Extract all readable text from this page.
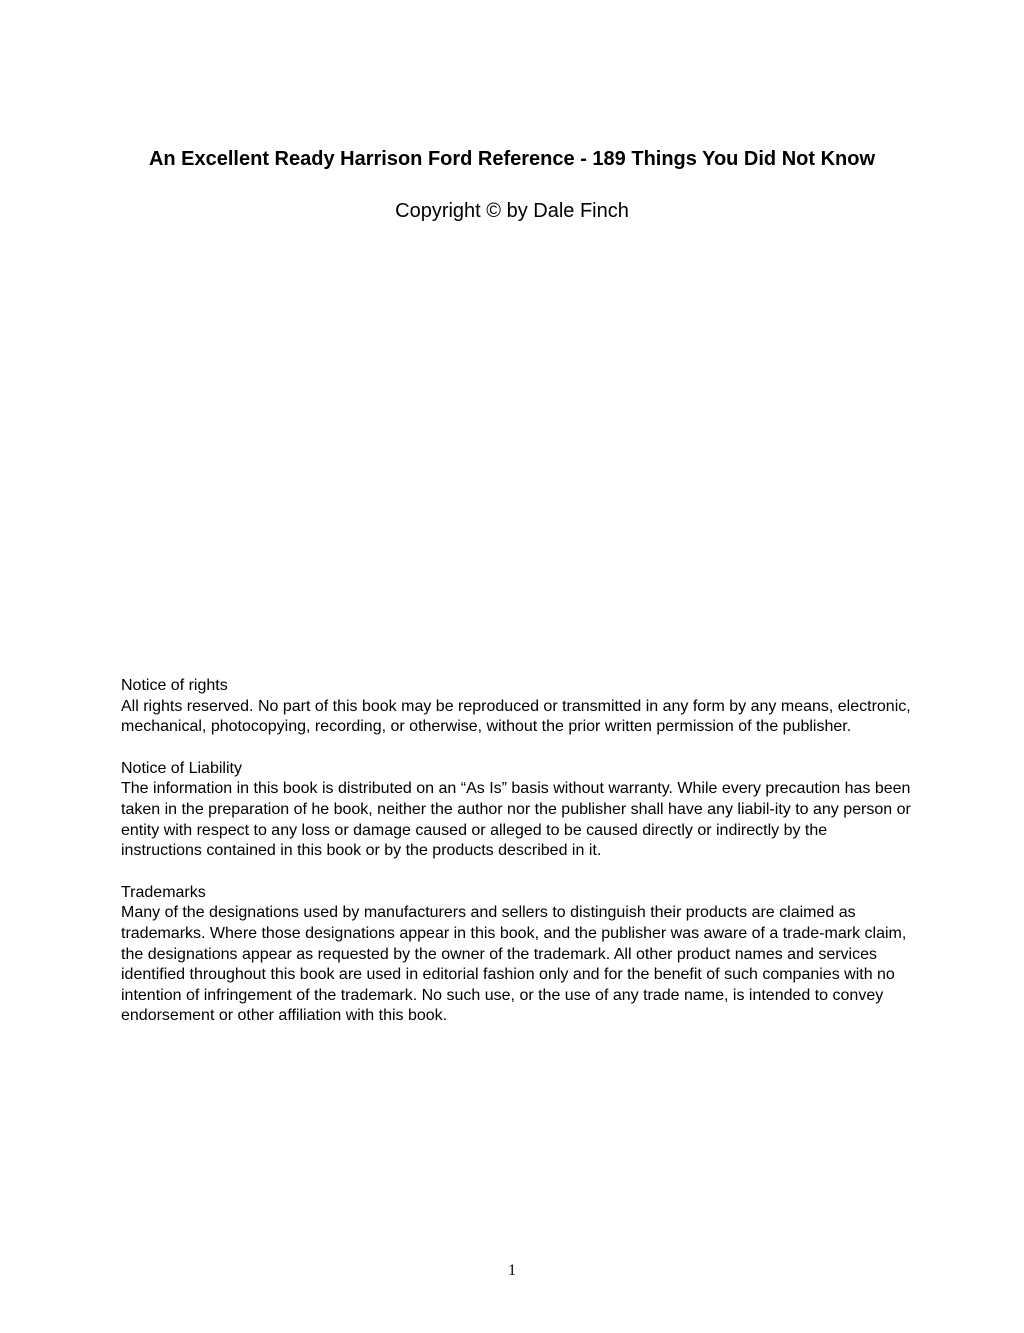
An Excellent Ready Harrison Ford Reference - 189 Things You Did Not Know

Copyright © by Dale Finch

Notice of rights

All rights reserved. No part of this book may be reproduced or transmitted in any form by any means, electronic, mechanical, photocopying, recording, or otherwise, without the prior written permission of the publisher.

Notice of Liability

The information in this book is distributed on an “As Is” basis without warranty. While every precaution has been taken in the preparation of he book, neither the author nor the publisher shall have any liabil-ity to any person or entity with respect to any loss or damage caused or alleged to be caused directly or indirectly by the instructions contained in this book or by the products described in it.

Trademarks

Many of the designations used by manufacturers and sellers to distinguish their products are claimed as trademarks. Where those designations appear in this book, and the publisher was aware of a trade-mark claim, the designations appear as requested by the owner of the trademark. All other product names and services identified throughout this book are used in editorial fashion only and for the benefit of such companies with no intention of infringement of the trademark. No such use, or the use of any trade name, is intended to convey endorsement or other affiliation with this book.

1
